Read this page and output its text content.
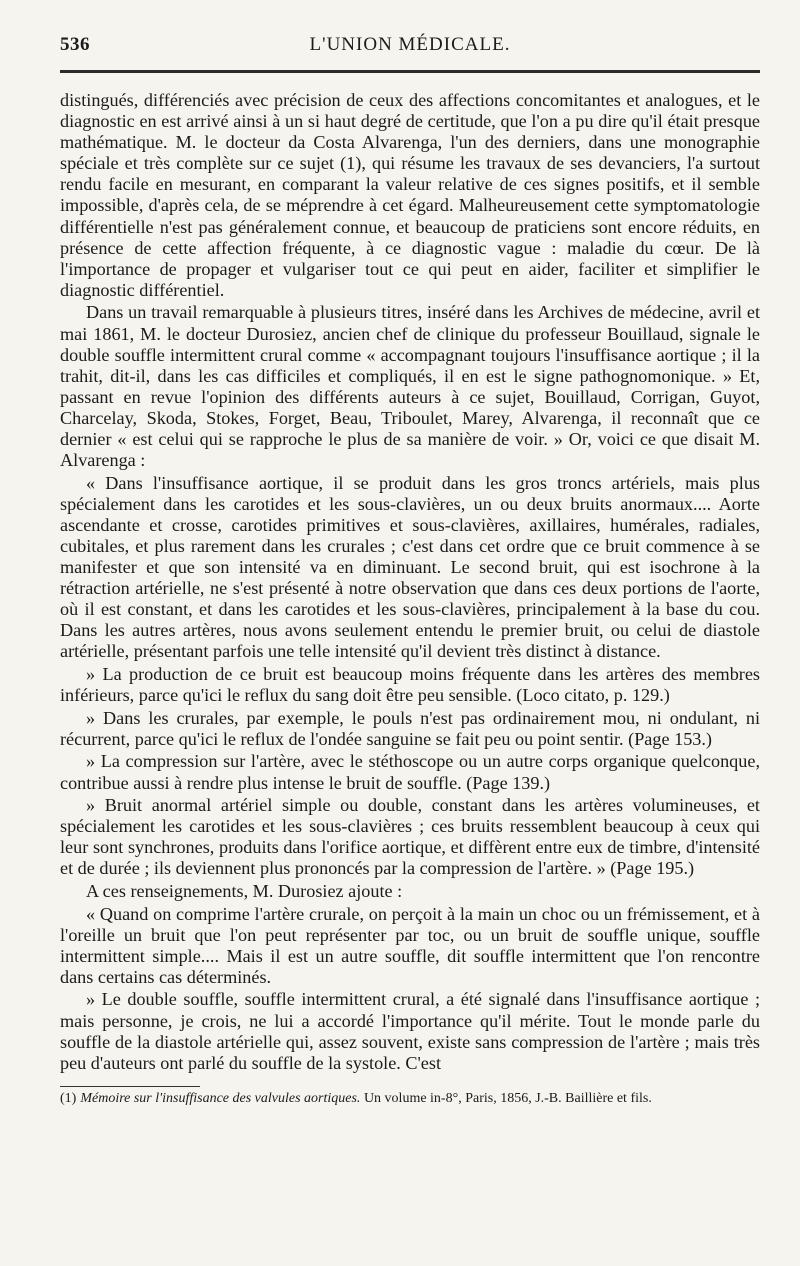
536	L'UNION MÉDICALE.

distingués, différenciés avec précision de ceux des affections concomitantes et analogues, et le diagnostic en est arrivé ainsi à un si haut degré de certitude, que l'on a pu dire qu'il était presque mathématique. M. le docteur da Costa Alvarenga, l'un des derniers, dans une monographie spéciale et très complète sur ce sujet (1), qui résume les travaux de ses devanciers, l'a surtout rendu facile en mesurant, en comparant la valeur relative de ces signes positifs, et il semble impossible, d'après cela, de se méprendre à cet égard. Malheureusement cette symptomatologie différentielle n'est pas généralement connue, et beaucoup de praticiens sont encore réduits, en présence de cette affection fréquente, à ce diagnostic vague : maladie du cœur. De là l'importance de propager et vulgariser tout ce qui peut en aider, faciliter et simplifier le diagnostic différentiel.

Dans un travail remarquable à plusieurs titres, inséré dans les Archives de médecine, avril et mai 1861, M. le docteur Durosiez, ancien chef de clinique du professeur Bouillaud, signale le double souffle intermittent crural comme « accompagnant toujours l'insuffisance aortique ; il la trahit, dit-il, dans les cas difficiles et compliqués, il en est le signe pathognomonique. » Et, passant en revue l'opinion des différents auteurs à ce sujet, Bouillaud, Corrigan, Guyot, Charcelay, Skoda, Stokes, Forget, Beau, Triboulet, Marey, Alvarenga, il reconnaît que ce dernier « est celui qui se rapproche le plus de sa manière de voir. » Or, voici ce que disait M. Alvarenga :

« Dans l'insuffisance aortique, il se produit dans les gros troncs artériels, mais plus spécialement dans les carotides et les sous-clavières, un ou deux bruits anormaux.... Aorte ascendante et crosse, carotides primitives et sous-clavières, axillaires, humérales, radiales, cubitales, et plus rarement dans les crurales ; c'est dans cet ordre que ce bruit commence à se manifester et que son intensité va en diminuant. Le second bruit, qui est isochrone à la rétraction artérielle, ne s'est présenté à notre observation que dans ces deux portions de l'aorte, où il est constant, et dans les carotides et les sous-clavières, principalement à la base du cou. Dans les autres artères, nous avons seulement entendu le premier bruit, ou celui de diastole artérielle, présentant parfois une telle intensité qu'il devient très distinct à distance.

» La production de ce bruit est beaucoup moins fréquente dans les artères des membres inférieurs, parce qu'ici le reflux du sang doit être peu sensible. (Loco citato, p. 129.)

» Dans les crurales, par exemple, le pouls n'est pas ordinairement mou, ni ondulant, ni récurrent, parce qu'ici le reflux de l'ondée sanguine se fait peu ou point sentir. (Page 153.)

» La compression sur l'artère, avec le stéthoscope ou un autre corps organique quelconque, contribue aussi à rendre plus intense le bruit de souffle. (Page 139.)

» Bruit anormal artériel simple ou double, constant dans les artères volumineuses, et spécialement les carotides et les sous-clavières ; ces bruits ressemblent beaucoup à ceux qui leur sont synchrones, produits dans l'orifice aortique, et diffèrent entre eux de timbre, d'intensité et de durée ; ils deviennent plus prononcés par la compression de l'artère. » (Page 195.)

A ces renseignements, M. Durosiez ajoute :

« Quand on comprime l'artère crurale, on perçoit à la main un choc ou un frémissement, et à l'oreille un bruit que l'on peut représenter par toc, ou un bruit de souffle unique, souffle intermittent simple.... Mais il est un autre souffle, dit souffle intermittent que l'on rencontre dans certains cas déterminés.

» Le double souffle, souffle intermittent crural, a été signalé dans l'insuffisance aortique ; mais personne, je crois, ne lui a accordé l'importance qu'il mérite. Tout le monde parle du souffle de la diastole artérielle qui, assez souvent, existe sans compression de l'artère ; mais très peu d'auteurs ont parlé du souffle de la systole. C'est

(1) Mémoire sur l'insuffisance des valvules aortiques. Un volume in-8°, Paris, 1856, J.-B. Baillière et fils.
